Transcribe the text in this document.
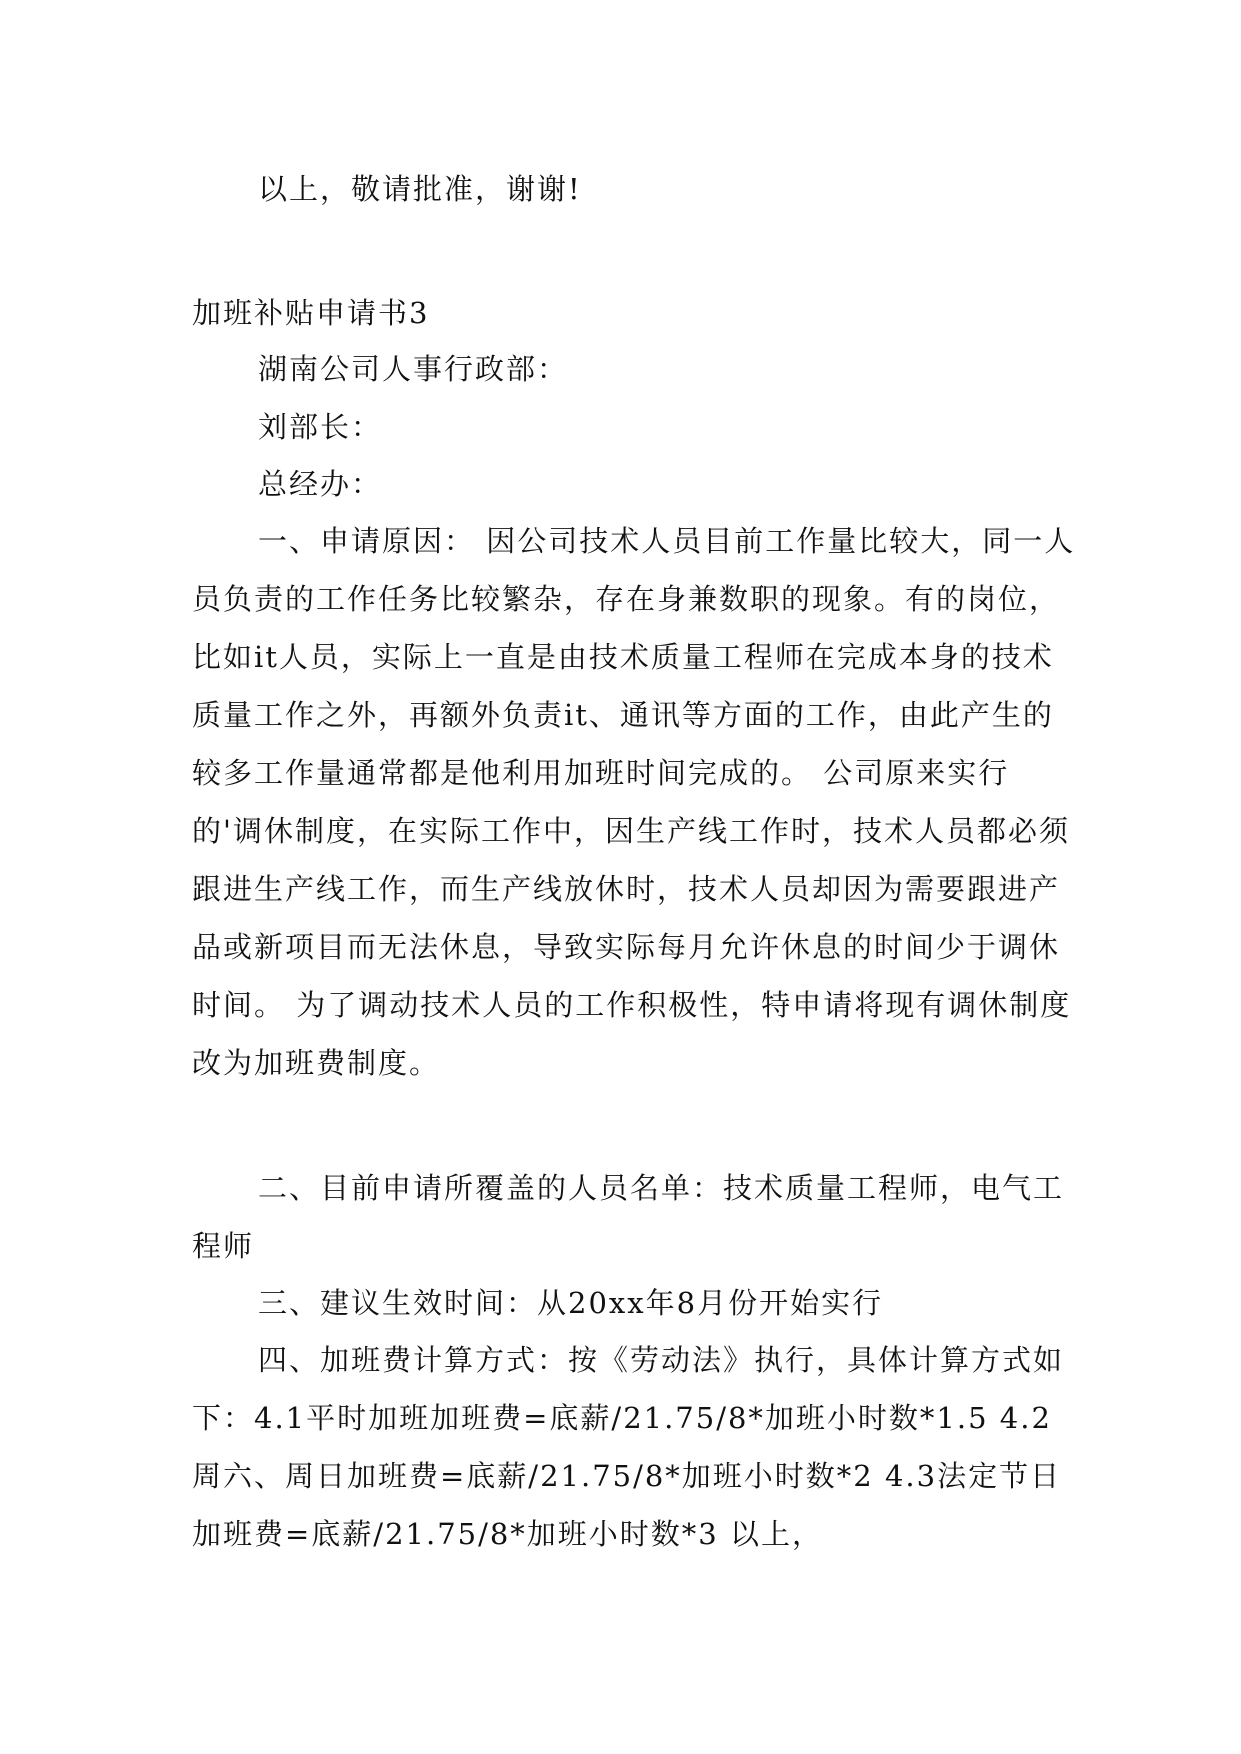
以上，敬请批准，谢谢!

加班补贴申请书3

湖南公司人事行政部：

刘部长：

总经办：

一、申请原因： 因公司技术人员目前工作量比较大，同一人员负责的工作任务比较繁杂，存在身兼数职的现象。有的岗位，比如it人员，实际上一直是由技术质量工程师在完成本身的技术质量工作之外，再额外负责it、通讯等方面的工作，由此产生的较多工作量通常都是他利用加班时间完成的。 公司原来实行的'调休制度，在实际工作中，因生产线工作时，技术人员都必须跟进生产线工作，而生产线放休时，技术人员却因为需要跟进产品或新项目而无法休息，导致实际每月允许休息的时间少于调休时间。 为了调动技术人员的工作积极性，特申请将现有调休制度改为加班费制度。

二、目前申请所覆盖的人员名单：技术质量工程师，电气工程师

三、建议生效时间：从20xx年8月份开始实行

四、加班费计算方式：按《劳动法》执行，具体计算方式如下：4.1平时加班加班费=底薪/21.75/8*加班小时数*1.5 4.2周六、周日加班费=底薪/21.75/8*加班小时数*2 4.3法定节日加班费=底薪/21.75/8*加班小时数*3 以上，
